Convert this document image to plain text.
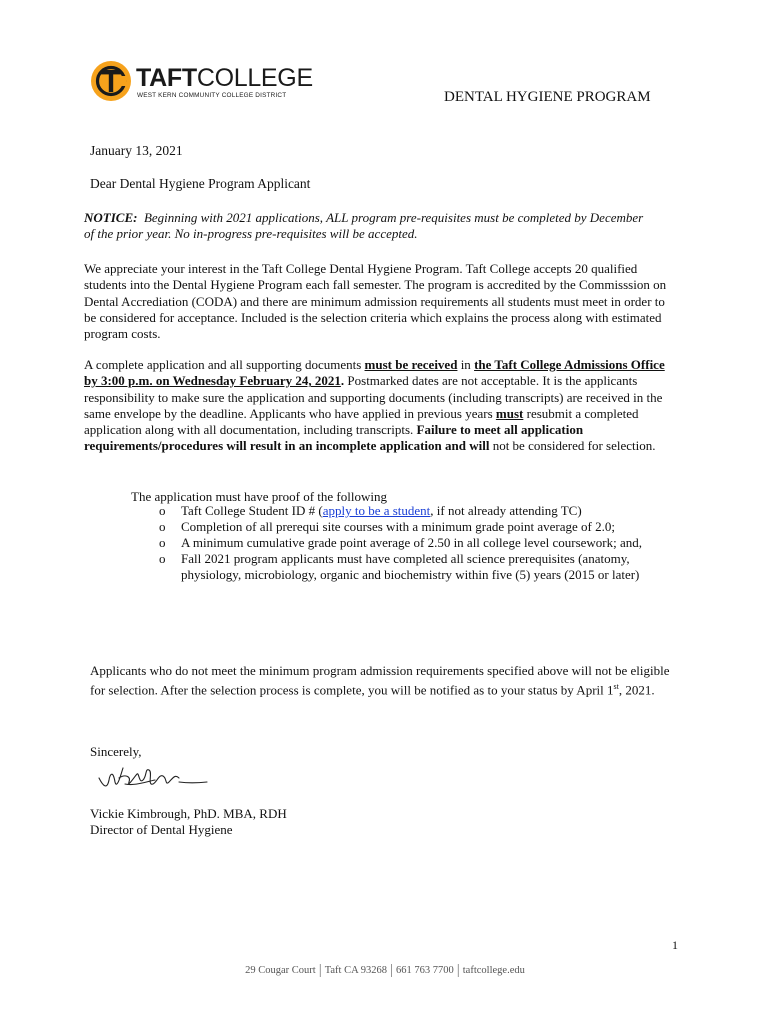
TAFTCOLLEGE
WEST KERN COMMUNITY COLLEGE DISTRICT	DENTAL HYGIENE PROGRAM
January 13, 2021
Dear Dental Hygiene Program Applicant
NOTICE: Beginning with 2021 applications, ALL program pre-requisites must be completed by December of the prior year. No in-progress pre-requisites will be accepted.
We appreciate your interest in the Taft College Dental Hygiene Program. Taft College accepts 20 qualified students into the Dental Hygiene Program each fall semester. The program is accredited by the Commisssion on Dental Accrediation (CODA) and there are minimum admission requirements all students must meet in order to be considered for acceptance. Included is the selection criteria which explains the process along with estimated program costs.
A complete application and all supporting documents must be received in the Taft College Admissions Office by 3:00 p.m. on Wednesday February 24, 2021. Postmarked dates are not acceptable. It is the applicants responsibility to make sure the application and supporting documents (including transcripts) are received in the same envelope by the deadline. Applicants who have applied in previous years must resubmit a completed application along with all documentation, including transcripts. Failure to meet all application requirements/procedures will result in an incomplete application and will not be considered for selection.
The application must have proof of the following
o Taft College Student ID # (apply to be a student, if not already attending TC)
o Completion of all prerequi site courses with a minimum grade point average of 2.0;
o A minimum cumulative grade point average of 2.50 in all college level coursework; and,
o Fall 2021 program applicants must have completed all science prerequisites (anatomy, physiology, microbiology, organic and biochemistry within five (5) years (2015 or later)
Applicants who do not meet the minimum program admission requirements specified above will not be eligible for selection. After the selection process is complete, you will be notified as to your status by April 1st, 2021.
Sincerely,
Vickie Kimbrough, PhD. MBA, RDH
Director of Dental Hygiene
1
29 Cougar Court | Taft CA 93268 | 661 763 7700 | taftcollege.edu
